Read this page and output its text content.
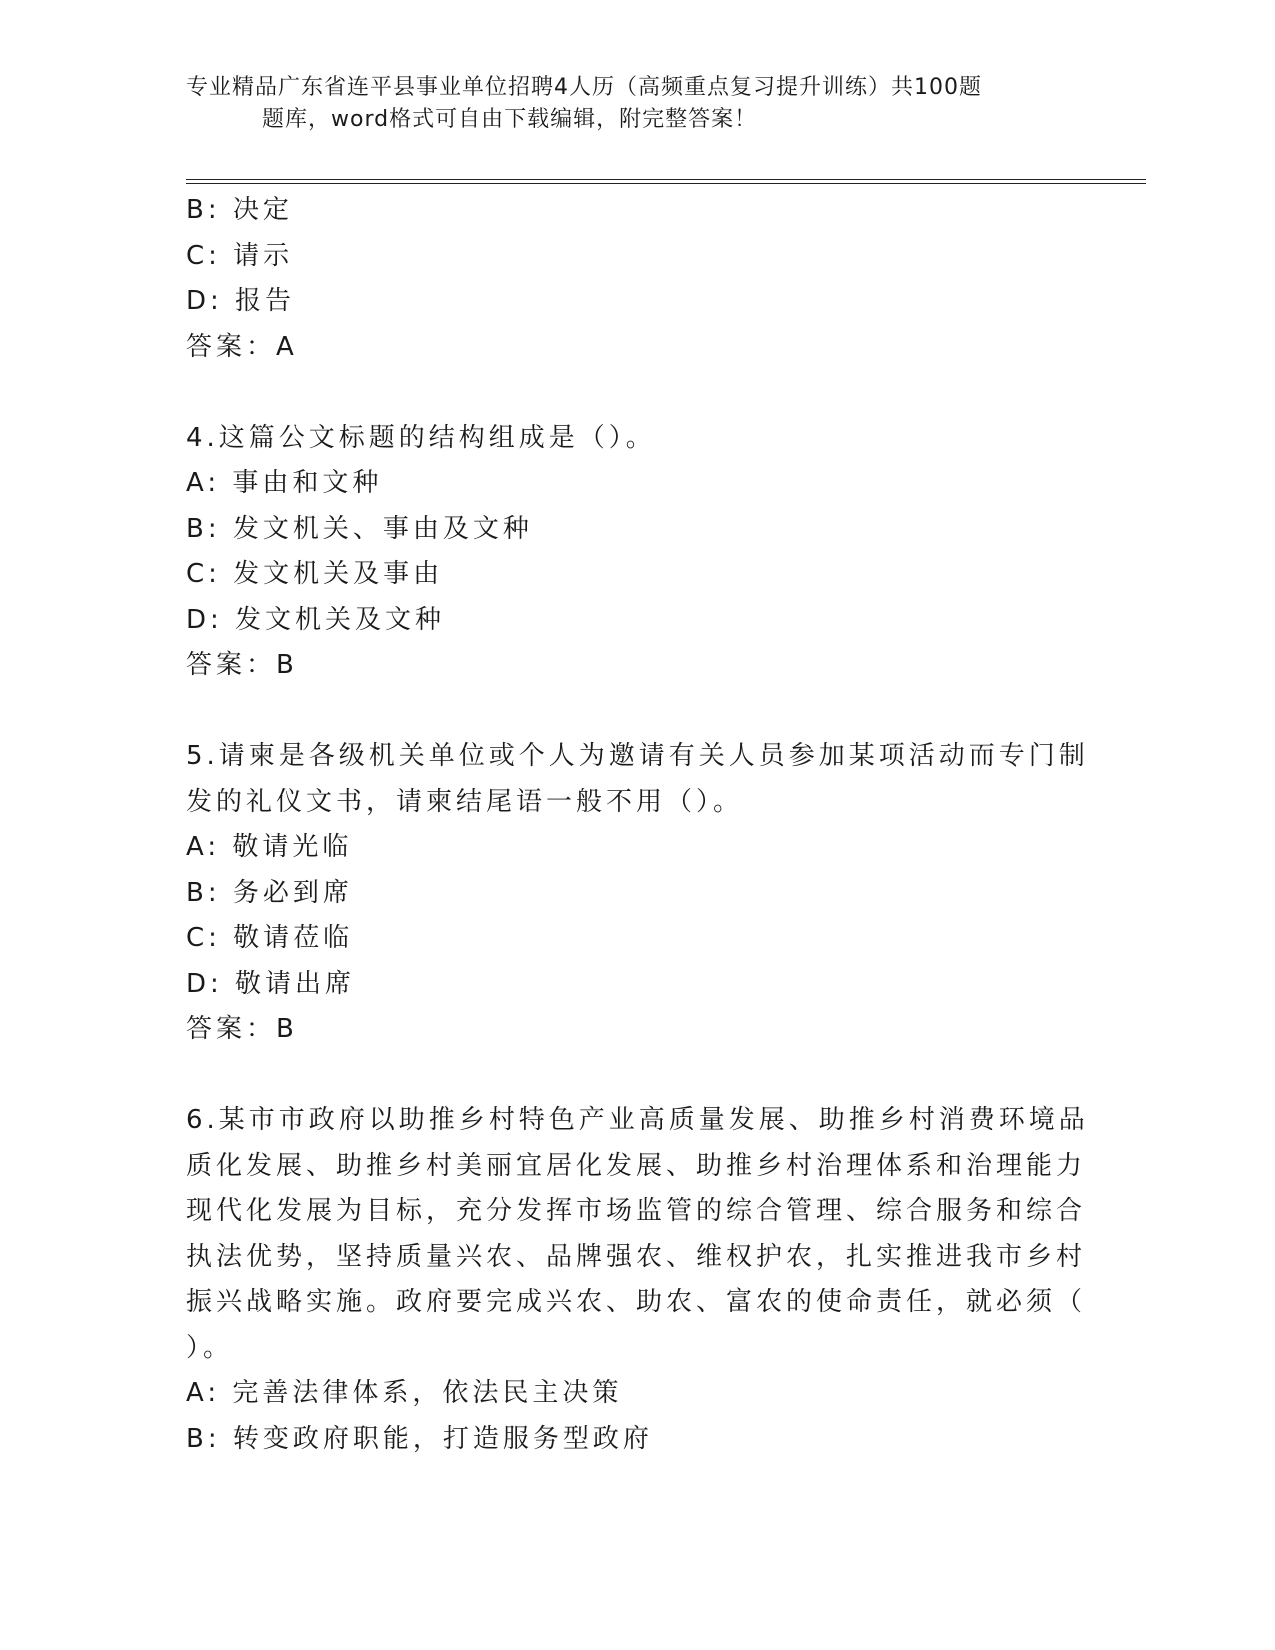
专业精品广东省连平县事业单位招聘4人历（高频重点复习提升训练）共100题
题库，word格式可自由下载编辑，附完整答案！
B: 决定
C: 请示
D: 报告
答案：A
4.这篇公文标题的结构组成是（）。
A: 事由和文种
B: 发文机关、事由及文种
C: 发文机关及事由
D: 发文机关及文种
答案：B
5.请柬是各级机关单位或个人为邀请有关人员参加某项活动而专门制
发的礼仪文书，请柬结尾语一般不用（）。
A: 敬请光临
B: 务必到席
C: 敬请莅临
D: 敬请出席
答案：B
6.某市市政府以助推乡村特色产业高质量发展、助推乡村消费环境品
质化发展、助推乡村美丽宜居化发展、助推乡村治理体系和治理能力
现代化发展为目标，充分发挥市场监管的综合管理、综合服务和综合
执法优势，坚持质量兴农、品牌强农、维权护农，扎实推进我市乡村
振兴战略实施。政府要完成兴农、助农、富农的使命责任，就必须（
）。
A: 完善法律体系，依法民主决策
B: 转变政府职能，打造服务型政府
